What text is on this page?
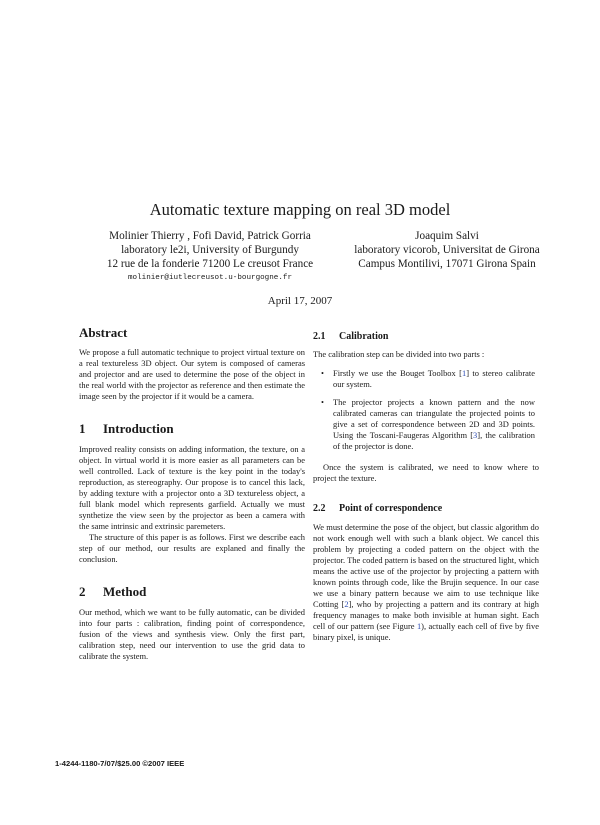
Automatic texture mapping on real 3D model
Molinier Thierry , Fofi David, Patrick Gorria
laboratory le2i, University of Burgundy
12 rue de la fonderie 71200 Le creusot France
molinier@iutlecreusot.u-bourgogne.fr
Joaquim Salvi
laboratory vicorob, Universitat de Girona
Campus Montilivi, 17071 Girona Spain
April 17, 2007
Abstract

We propose a full automatic technique to project virtual texture on a real textureless 3D object. Our sytem is composed of cameras and projector and are used to determine the pose of the object in the real world with the projector as reference and then estimate the image seen by the projector if it would be a camera.

1 Introduction

Improved reality consists on adding information, the texture, on a object. In virtual world it is more easier as all parameters can be well controlled. Lack of texture is the key point in the today's reproduction, as stereography. Our propose is to cancel this lack, by adding texture with a projector onto a 3D textureless object, a full blank model which represents garfield. Actually we must synthetize the view seen by the projector as been a camera with the same intrinsic and extrinsic paremeters.

The structure of this paper is as follows. First we describe each step of our method, our results are explaned and finally the conclusion.

2 Method

Our method, which we want to be fully automatic, can be divided into four parts : calibration, finding point of correspondence, fusion of the views and synthesis view. Only the first part, calibration step, need our intervention to use the grid data to calibrate the system.

2.1 Calibration

The calibration step can be divided into two parts :

• Firstly we use the Bouget Toolbox [1] to stereo calibrate our system.
• The projector projects a known pattern and the now calibrated cameras can triangulate the projected points to give a set of correspondence between 2D and 3D points. Using the Toscani-Faugeras Algorithm [3], the calibration of the projector is done.

Once the system is calibrated, we need to know where to project the texture.

2.2 Point of correspondence

We must determine the pose of the object, but classic algorithm do not work enough well with such a blank object. We cancel this problem by projecting a coded pattern on the object with the projector. The coded pattern is based on the structured light, which means the active use of the projector by projecting a pattern with known points through code, like the Brujin sequence. In our case we use a binary pattern because we aim to use technique like Cotting [2], who by projecting a pattern and its contrary at high frequency manages to make both invisible at human sight. Each cell of our pattern (see Figure 1), actually each cell of five by five binary pixel, is unique.

1-4244-1180-7/07/$25.00 ©2007 IEEE
